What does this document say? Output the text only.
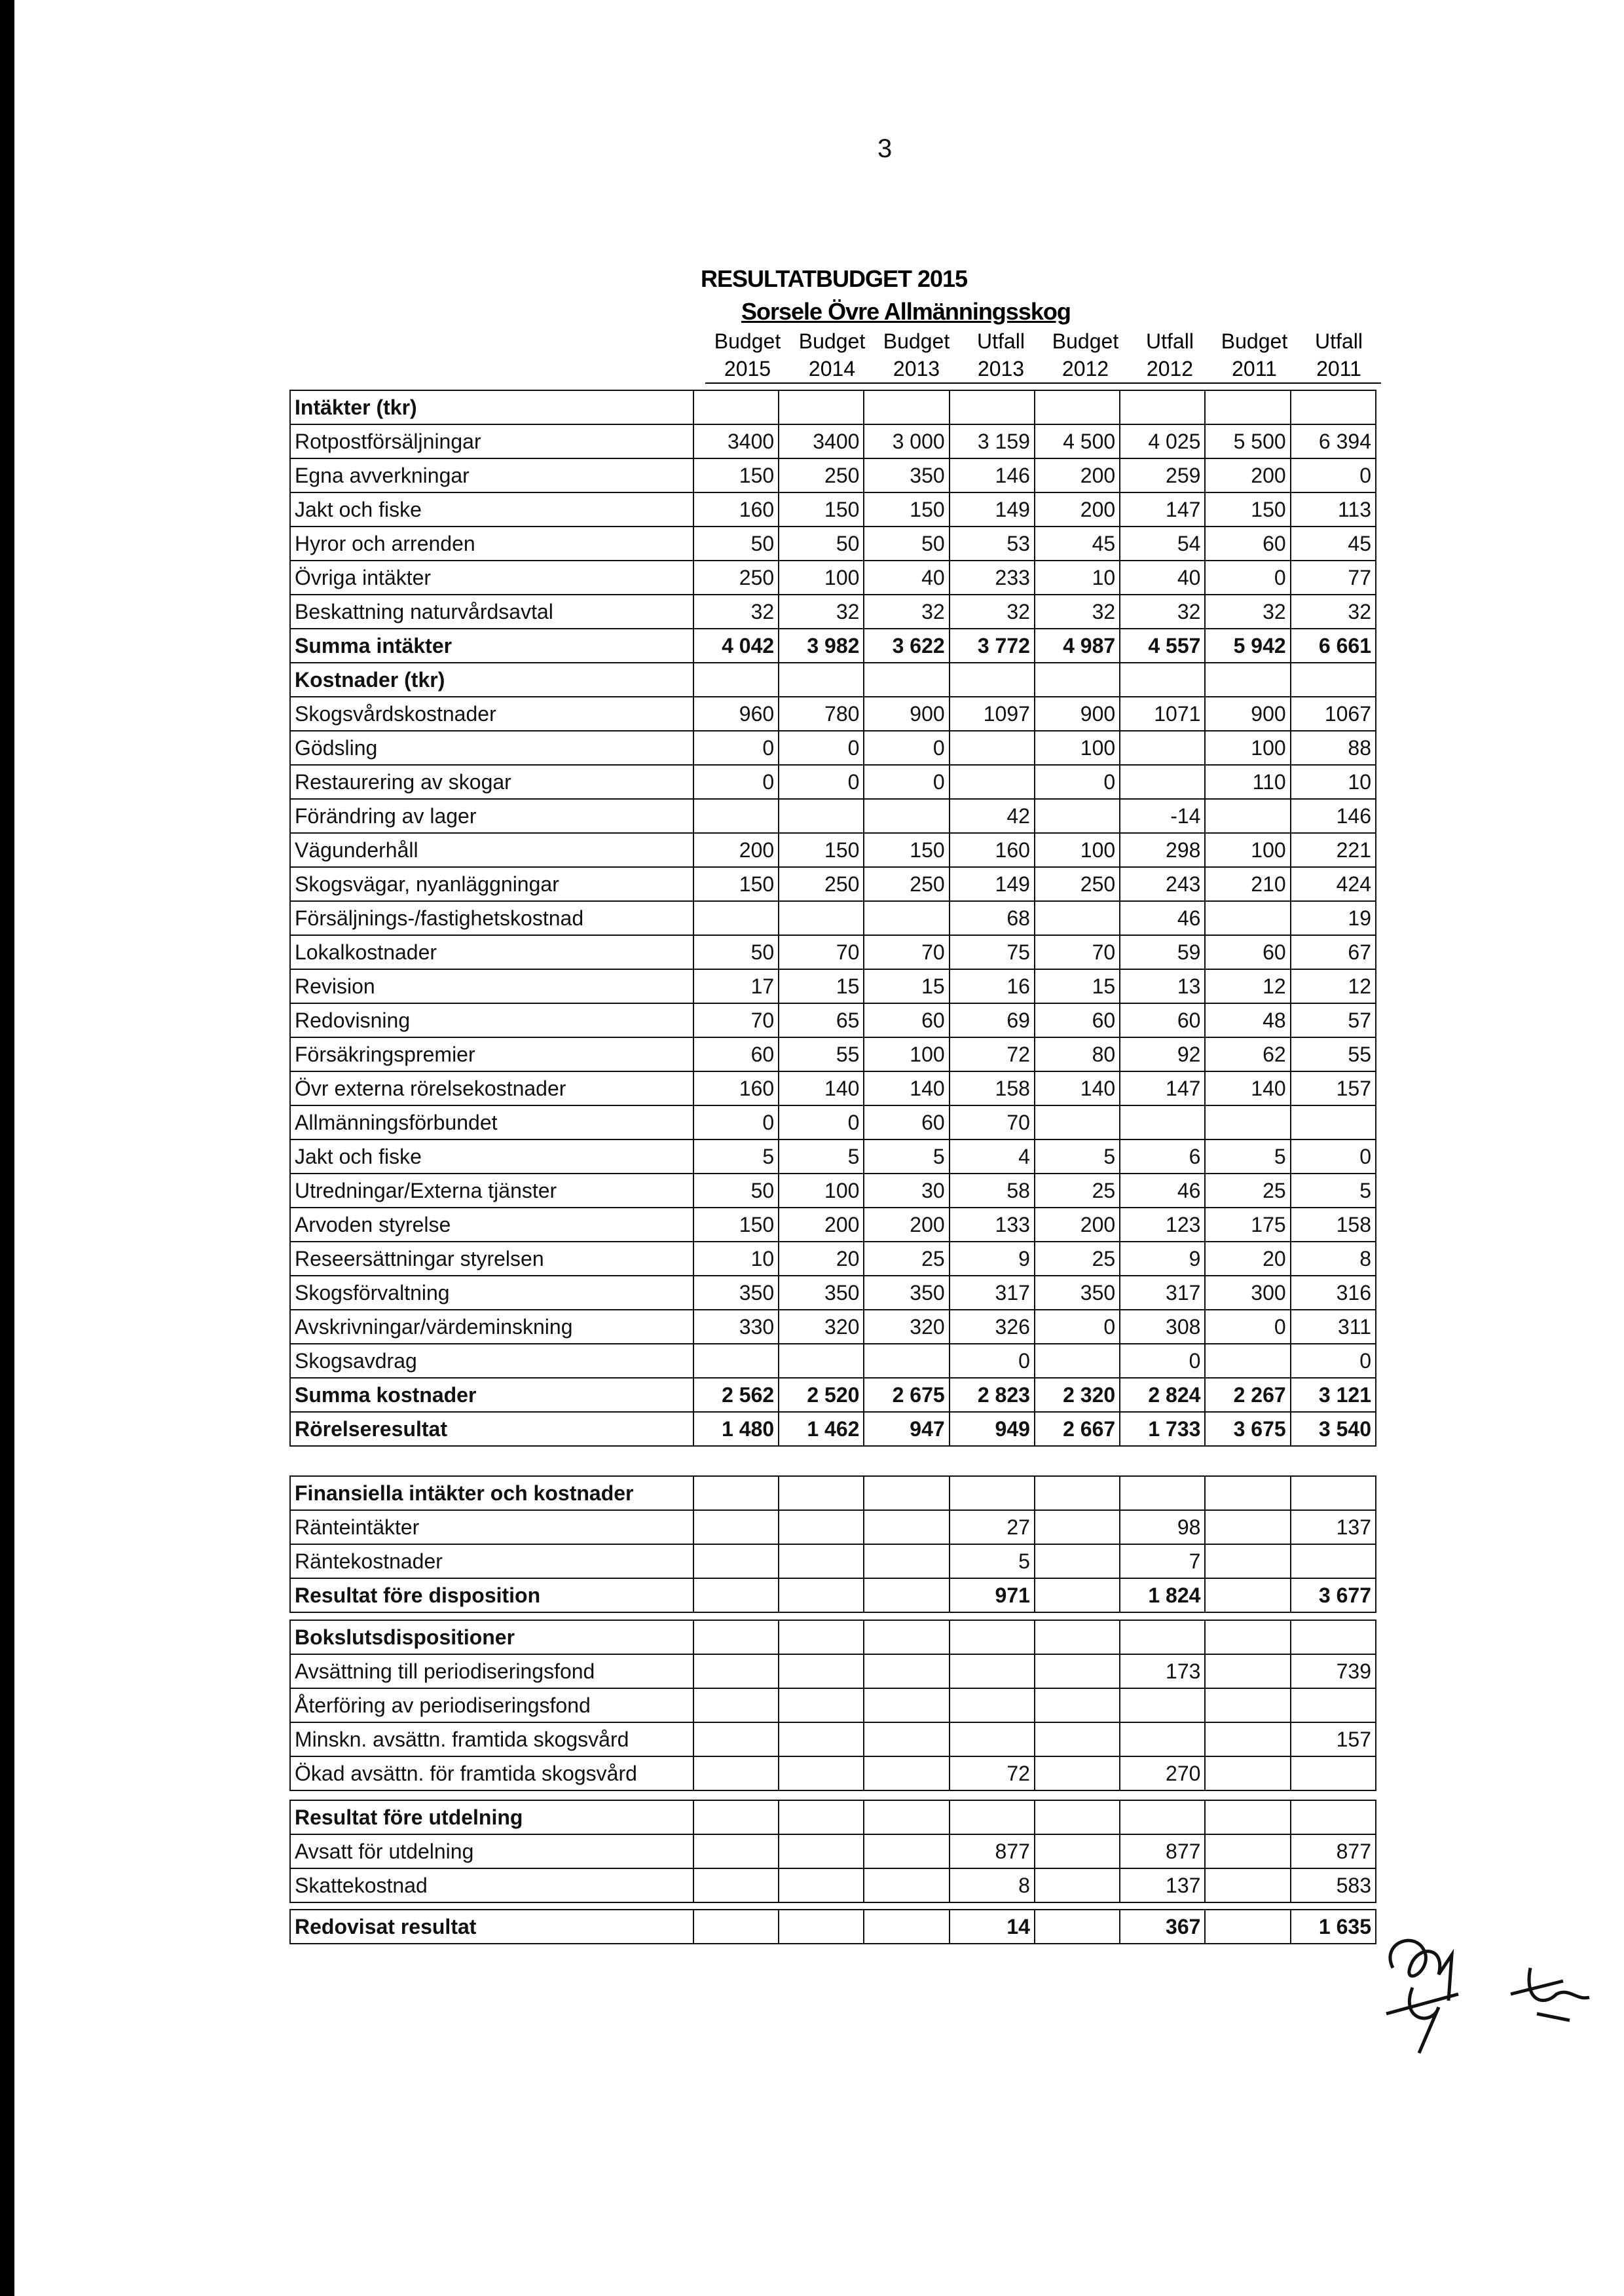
3
RESULTATBUDGET 2015
Sorsele Övre Allmänningsskog
Budget	Budget	Budget	Utfall	Budget	Utfall	Budget	Utfall
2015	2014	2013	2013	2012	2012	2011	2011
Intäkter (tkr)								
Rotpostförsäljningar	3400	3400	3 000	3 159	4 500	4 025	5 500	6 394
Egna avverkningar	150	250	350	146	200	259	200	0
Jakt och fiske	160	150	150	149	200	147	150	113
Hyror och arrenden	50	50	50	53	45	54	60	45
Övriga intäkter	250	100	40	233	10	40	0	77
Beskattning naturvårdsavtal	32	32	32	32	32	32	32	32
Summa intäkter	4 042	3 982	3 622	3 772	4 987	4 557	5 942	6 661
Kostnader (tkr)								
Skogsvårdskostnader	960	780	900	1097	900	1071	900	1067
Gödsling	0	0	0		100		100	88
Restaurering av skogar	0	0	0		0		110	10
Förändring av lager				42		-14		146
Vägunderhåll	200	150	150	160	100	298	100	221
Skogsvägar, nyanläggningar	150	250	250	149	250	243	210	424
Försäljnings-/fastighetskostnad				68		46		19
Lokalkostnader	50	70	70	75	70	59	60	67
Revision	17	15	15	16	15	13	12	12
Redovisning	70	65	60	69	60	60	48	57
Försäkringspremier	60	55	100	72	80	92	62	55
Övr externa rörelsekostnader	160	140	140	158	140	147	140	157
Allmänningsförbundet	0	0	60	70				
Jakt och fiske	5	5	5	4	5	6	5	0
Utredningar/Externa tjänster	50	100	30	58	25	46	25	5
Arvoden styrelse	150	200	200	133	200	123	175	158
Reseersättningar styrelsen	10	20	25	9	25	9	20	8
Skogsförvaltning	350	350	350	317	350	317	300	316
Avskrivningar/värdeminskning	330	320	320	326	0	308	0	311
Skogsavdrag				0		0		0
Summa kostnader	2 562	2 520	2 675	2 823	2 320	2 824	2 267	3 121
Rörelseresultat	1 480	1 462	947	949	2 667	1 733	3 675	3 540
Finansiella intäkter och kostnader								
Ränteintäkter				27		98		137
Räntekostnader				5		7		
Resultat före disposition				971		1 824		3 677
Bokslutsdispositioner								
Avsättning till periodiseringsfond						173		739
Återföring av periodiseringsfond								
Minskn. avsättn. framtida skogsvård								157
Ökad avsättn. för framtida skogsvård				72		270		
Resultat före utdelning								
Avsatt för utdelning				877		877		877
Skattekostnad				8		137		583
Redovisat resultat				14		367		1 635
